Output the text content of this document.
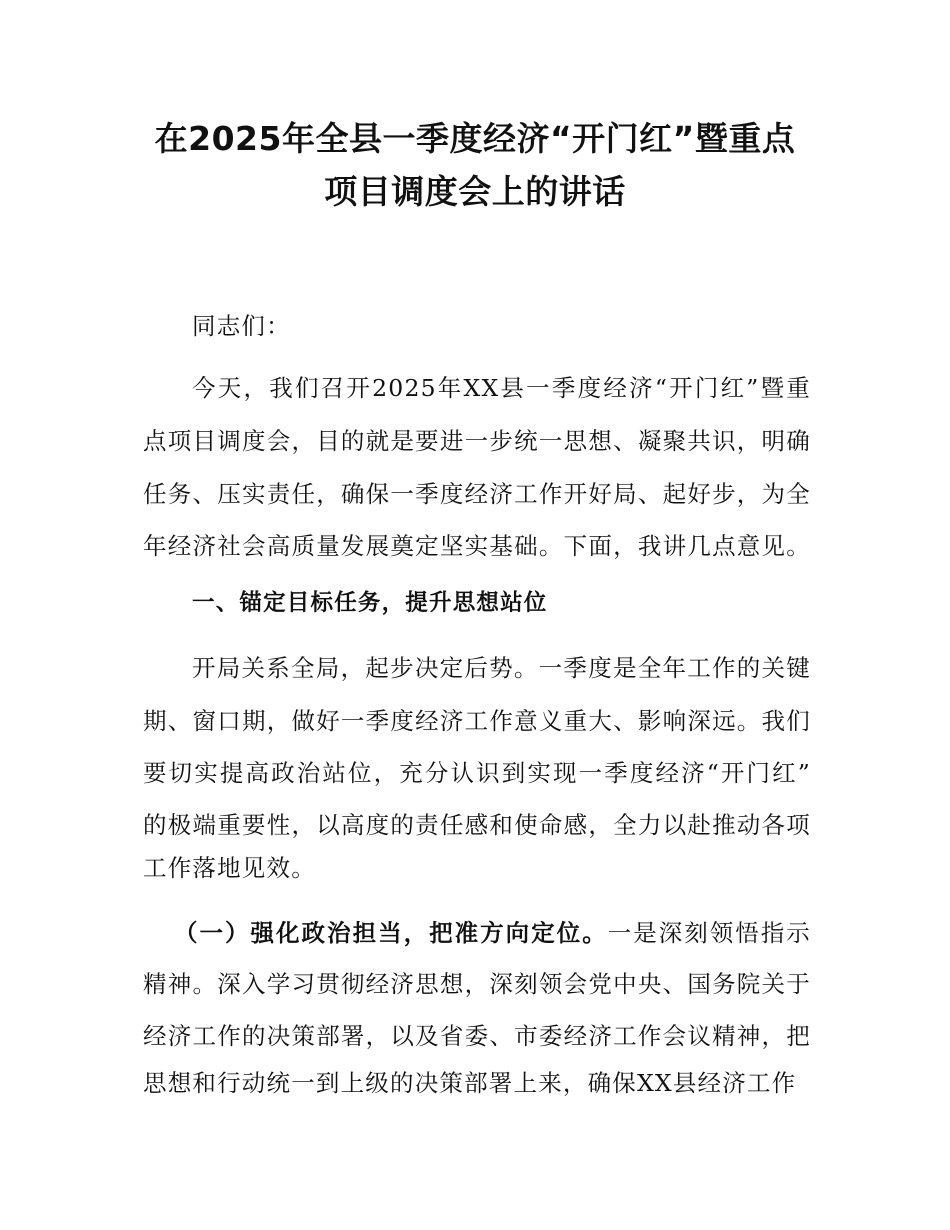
在2025年全县一季度经济“开门红”暨重点
项目调度会上的讲话
同志们：
今天，我们召开2025年XX县一季度经济“开门红”暨重
点项目调度会，目的就是要进一步统一思想、凝聚共识，明确
任务、压实责任，确保一季度经济工作开好局、起好步，为全
年经济社会高质量发展奠定坚实基础。下面，我讲几点意见。
一、锚定目标任务，提升思想站位
开局关系全局，起步决定后势。一季度是全年工作的关键
期、窗口期，做好一季度经济工作意义重大、影响深远。我们
要切实提高政治站位，充分认识到实现一季度经济“开门红”
的极端重要性，以高度的责任感和使命感，全力以赴推动各项
工作落地见效。
（一）强化政治担当，把准方向定位。一是深刻领悟指示
精神。深入学习贯彻经济思想，深刻领会党中央、国务院关于
经济工作的决策部署，以及省委、市委经济工作会议精神，把
思想和行动统一到上级的决策部署上来，确保XX县经济工作
